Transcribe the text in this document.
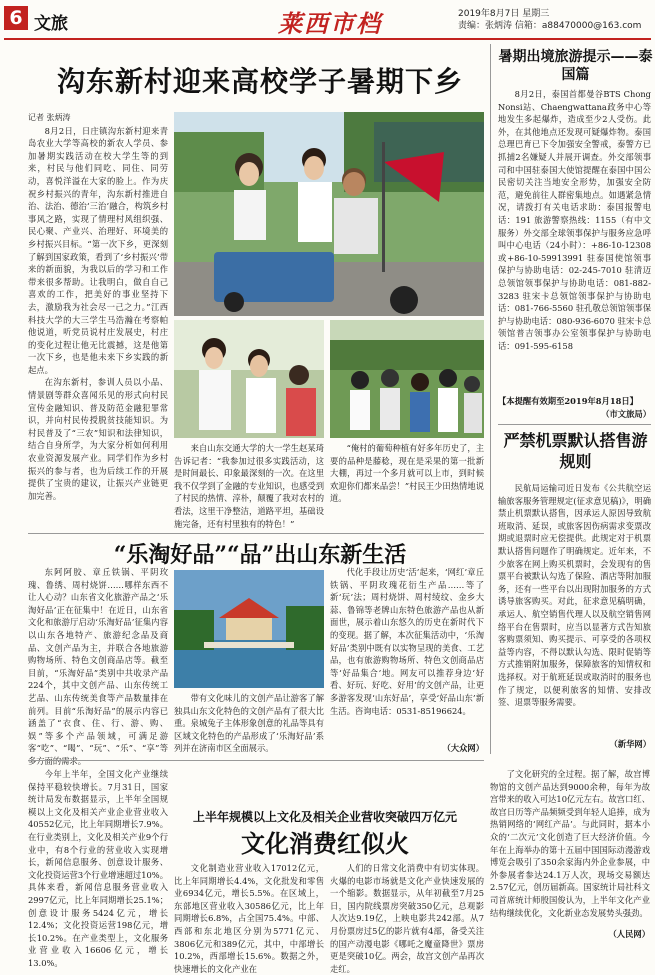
6 文旅	莱西市档	2019年8月7日 星期三
责编：张炳涛 信箱：a88470000@163.com
沟东新村迎来高校学子暑期下乡
记者 张炳涛

8月2日，日庄镇沟东新村迎来青岛农业大学等高校的新农人学员、参加暑期实践活动在校大学生等的到来，村民与他们同吃、同住、同劳动，喜悦洋溢在大家的脸上。作为庆祝乡村振兴的青年，沟东新村推进自治、法治、德治‘三治’融合，构筑乡村事风之路，实现了情理村风组织强、民心聚、产业兴、治理好、环境美的乡村振兴目标。“第一次下乡，更深刻了解到国家政策，看到了‘乡村振兴’带来的新面貌，为我以后的学习和工作带来很多帮助。让我明白，做自自己喜欢的工作，把美好的事业坚持下去，激励我为社会尽一己之力。”江西科技大学的大三学生马浩瀚在考察帕他说道，听党员说村庄发展史，村庄的变化过程让他无比震撼，这是他第一次下乡，也是他未来下乡实践的新起点。

在沟东新村，参训人员以小品、情景剧等群众喜闻乐见的形式向村民宣传金融知识、普及防范金融犯罪常识，并向村民传授脱贫技能知识。为村民普及了“三农”知识和法律知识，结合自身所学，为大家分析如何利用农业资源发展产业。同学们作为乡村振兴的参与者，也为后续工作的开展提供了宝贵的建议，让振兴产业链更加完善。

来自山东交通大学的大一学生赵某琦告诉记者：“我参加过很多实践活动，这是时间最长、印象最深刻的一次。在这里我不仅学到了金融的专业知识，也感受到了村民的热情、淳朴，颠覆了我对农村的看法，这里干净整洁，道路平坦，基础设施完备，还有村里独有的特色！”

“俺村的葡萄种植有好多年历史了，主要的品种是藤稔，现在是采果的第一批新大棚，再过一个多月就可以上市，到时候欢迎你们都来品尝！”村民王少田热情地说道。

“乐淘好品”“品”出山东新生活

东阿阿胶、章丘铁锅、平阴玫瑰、鲁绣、周村烧饼……哪样东西不让人心动？山东省文化旅游产品之‘乐淘好品’正在征集中！在近日，山东省文化和旅游厅启动‘乐淘好品’征集内容以山东各地特产、旅游纪念品及商品、文创产品为主，并联合各地旅游购物场所、特色文创商品店等。截至目前，“乐淘好品”类别中共收录产品224个，其中文创产品、山东传统工艺品、山东传统美食等产品数量排在前列。目前“乐淘好品”的展示内容已涵盖了“衣食、住、行、游、购、娱”等多个产品领域，可满足游客“吃”、“喝”、“玩”、“乐”、“享”等

带有文化味儿的文创产品让游客了解独具山东文化特色的文创产品有了很大比重。泉城兔子主体形象创意的礼品等具有区域文化特色的产品形成了‘乐淘好品’系列并在济南市区全面展示。

代化手段让历史‘活’起来，‘网红’章丘铁锅、平阴玫瑰花衍生产品……等了新‘玩’法；周村烧饼、周村绫纹、金乡大蒜、鲁锦等老牌山东特色旅游产品也从新面世，展示着山东悠久的历史在新时代下的变现。据了解，本次征集活动中，‘乐淘好品’类别中既有以实物呈现的美食、工艺品，也有旅游购物场所、特色文创商品店等‘好品集合’地。网友可以推荐身边‘好看、好玩、好吃、好用’的文创产品，让更多游客发现‘山东好品’，享受‘好品山东’新生活。咨询电话：0531-85196624。

（大众网）

今年上半年，全国文化产业继续保持平稳较快增长。7月31日，国家统计局发布数据显示，上半年全国规模以上文化及相关产业企业营业收入40552亿元，比上年同期增长7.9%。在行业类别上，文化及相关产业9个行业中，有8个行业的营业收入实现增长，新闻信息服务、创意设计服务、文化投资运营3个行业增速超过10%。具体来看，新闻信息服务营业收入2997亿元，比上年同期增长25.1%；创意设计服务5424亿元，增长12.4%；文化投资运营198亿元，增长10.2%。在产业类型上，文化服务业营业收入16606亿元，增长13.0%。

上半年规模以上文化及相关企业营收突破四万亿元
文化消费红似火

文化制造业营业收入17012亿元，比上年同期增长4.4%，文化批发和零售业6934亿元，增长5.5%。在区域上，东部地区营业收入30586亿元，比上年同期增长6.8%，占全国75.4%。中部、西部和东北地区分别为5771亿元、3806亿元和389亿元，其中，中部增长10.2%，西部增长15.6%。数据之外，快速增长的文化产业在

人们的日常文化消费中有切实体现。火爆的电影市场就是文化产业快速发展的一个缩影。数据显示，从年初截至7月25日，国内院线票房突破350亿元，总观影人次达9.19亿，上映电影共242部。从7月份票房过5亿的影片就有4部，备受关注的国产动漫电影《哪吒之魔童降世》票房更是突破10亿。两会，故宫文创产品再次走红。

了文化研究的全过程。据了解，故宫博物馆的文创产品达到9000余种，每年为故宫带来的收入可达10亿元左右。故宫口红、故宫日历等产品频频受到年轻人追捧，成为热销网络的‘网红产品’。与此同时，据本小众的‘二次元’文化创造了巨大经济价值。今年在上海举办的第十五届中国国际动漫游戏博览会吸引了350余家海内外企业参展，中外参展者参达24.1万人次，现场交易额达2.57亿元，创历届新高。国家统计局社科文司首席统计师殷国俊认为，上半年文化产业结构继续优化，文化新业态发展势头强劲。

（人民网）
暑期出境旅游提示——泰国篇

8月2日，泰国首都曼谷BTS Chong Nonsi站、Chaengwattana政务中心等地发生多起爆炸，造成至少2人受伤。此外，在其他地点还发现可疑爆炸物。泰国总理巴育已下令加强安全警戒，泰警方已抓捕2名嫌疑人并展开调查。外交部领事司和中国驻泰国大使馆提醒在泰国中国公民密切关注当地安全形势，加强安全防范，避免前往人群密集地点。如遇紧急情况，请拨打有关电话求助：泰国报警电话：191 旅游警察热线：1155（有中文服务）外交部全球领事保护与服务应急呼叫中心电话（24小时）：+86-10-12308或+86-10-59913991 驻泰国使馆领事保护与协助电话：02-245-7010 驻清迈总领馆领事保护与协助电话：081-882-3283 驻宋卡总领馆领事保护与协助电话：081-766-5560 驻孔敬总领馆领事保护与协助电话：080-936-6070 驻宋卡总领馆普吉领事办公室领事保护与协助电话：091-595-6158

【本提醒有效期至2019年8月18日】
（市文旅局）
严禁机票默认搭售游规则

民航局运输司近日发布《公共航空运输旅客服务管理规定(征求意见稿)》，明确禁止机票默认搭售，因承运人原因导致航班取消、延误，或旅客因伤病需求变票改期或退票时应无偿提供。此规定对于机票默认搭售问题作了明确规定。近年来，不少旅客在网上购买机票时，会发现有的售票平台被默认勾选了保险、酒店等附加服务，还有一些平台以出现附加服务的方式诱导旅客购买。对此，征求意见稿明确，承运人、航空销售代理人以及航空销售网络平台在售票时，应当以显著方式告知旅客购票须知、购买提示、可享受的各项权益等内容，不得以默认勾选、限时促销等方式推销附加服务，保障旅客的知情权和选择权。对于航班延误或取消时的服务也作了规定，以便利旅客的知情、安排改签、退票等服务需要。

（新华网）
